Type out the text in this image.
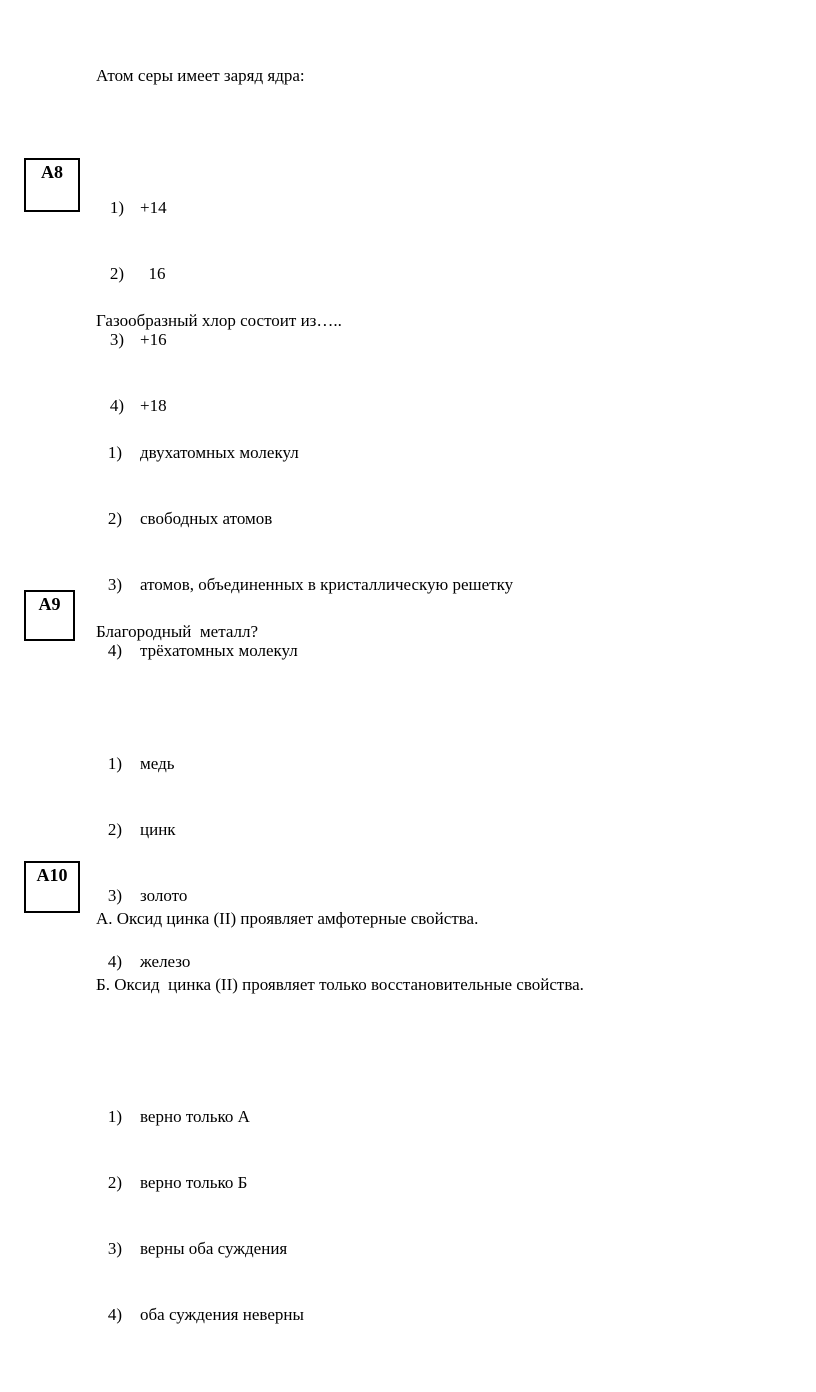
А8
А9
А10

Атом серы имеет заряд ядра:

1) +14

2) 16

3) +16

4) +18

Газообразный хлор состоит из…..

1) двухатомных молекул

2) свободных атомов

3) атомов, объединенных в кристаллическую решетку

4) трёхатомных молекул

Благородный  металл?

1) медь

2) цинк

3) золото

4) железо

А. Оксид цинка (II) проявляет амфотерные свойства.

Б. Оксид  цинка (II) проявляет только восстановительные свойства.

1) верно только А

2) верно только Б

3) верны оба суждения

4) оба суждения неверны
